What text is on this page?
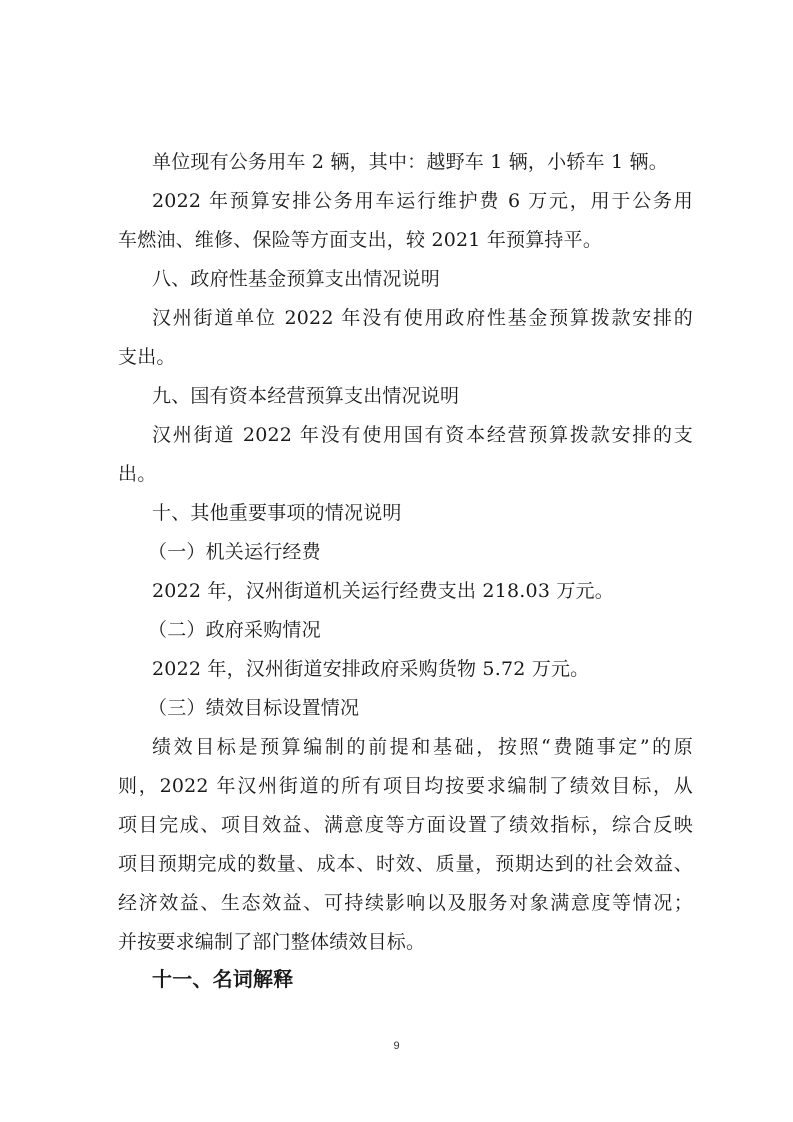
单位现有公务用车 2 辆，其中：越野车 1 辆，小轿车 1 辆。
2022 年预算安排公务用车运行维护费 6 万元，用于公务用
车燃油、维修、保险等方面支出，较 2021 年预算持平。
八、政府性基金预算支出情况说明
汉州街道单位 2022 年没有使用政府性基金预算拨款安排的
支出。
九、国有资本经营预算支出情况说明
汉州街道 2022 年没有使用国有资本经营预算拨款安排的支
出。
十、其他重要事项的情况说明
（一）机关运行经费
2022 年，汉州街道机关运行经费支出 218.03 万元。
（二）政府采购情况
2022 年，汉州街道安排政府采购货物 5.72 万元。
（三）绩效目标设置情况
绩效目标是预算编制的前提和基础，按照“费随事定”的原
则，2022 年汉州街道的所有项目均按要求编制了绩效目标，从
项目完成、项目效益、满意度等方面设置了绩效指标，综合反映
项目预期完成的数量、成本、时效、质量，预期达到的社会效益、
经济效益、生态效益、可持续影响以及服务对象满意度等情况；
并按要求编制了部门整体绩效目标。
十一、名词解释
9
